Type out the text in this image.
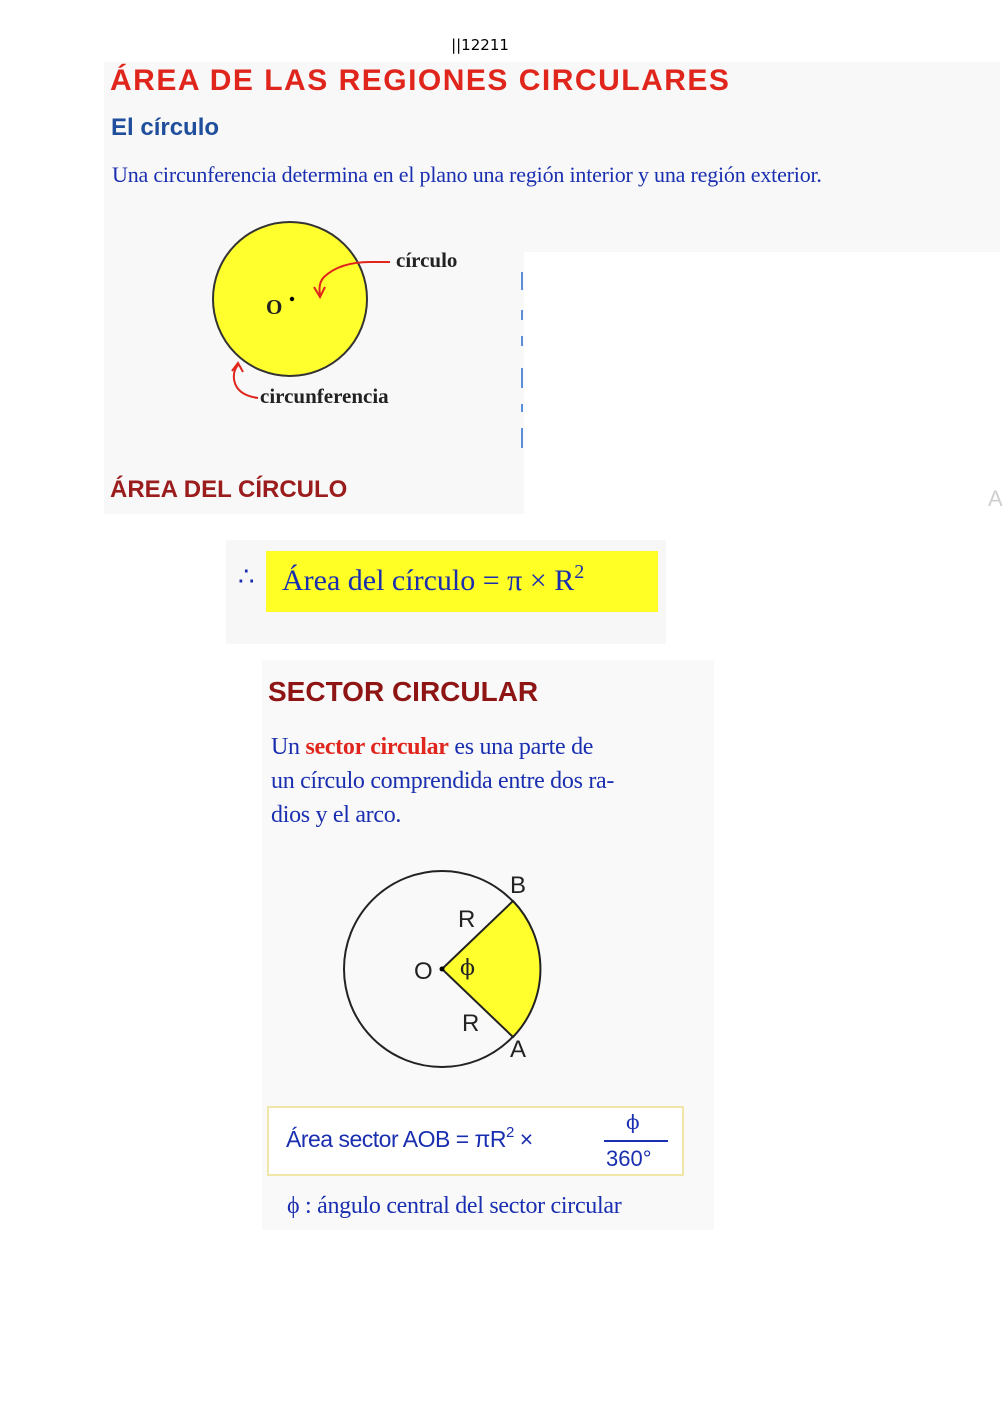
||12211
ÁREA DE LAS REGIONES CIRCULARES
El círculo
Una circunferencia determina en el plano una región interior y una región exterior.
O
círculo
circunferencia
ÁREA DEL CÍRCULO	A
∴ Área del círculo = $\pi \times R^2$
SECTOR CIRCULAR
Un sector circular es una parte de
un círculo comprendida entre dos ra-
dios y el arco.
O
R
R
ϕ
B
A
Área sector AOB = $\pi R^2$ ×
ϕ
360°
ϕ : ángulo central del sector circular
